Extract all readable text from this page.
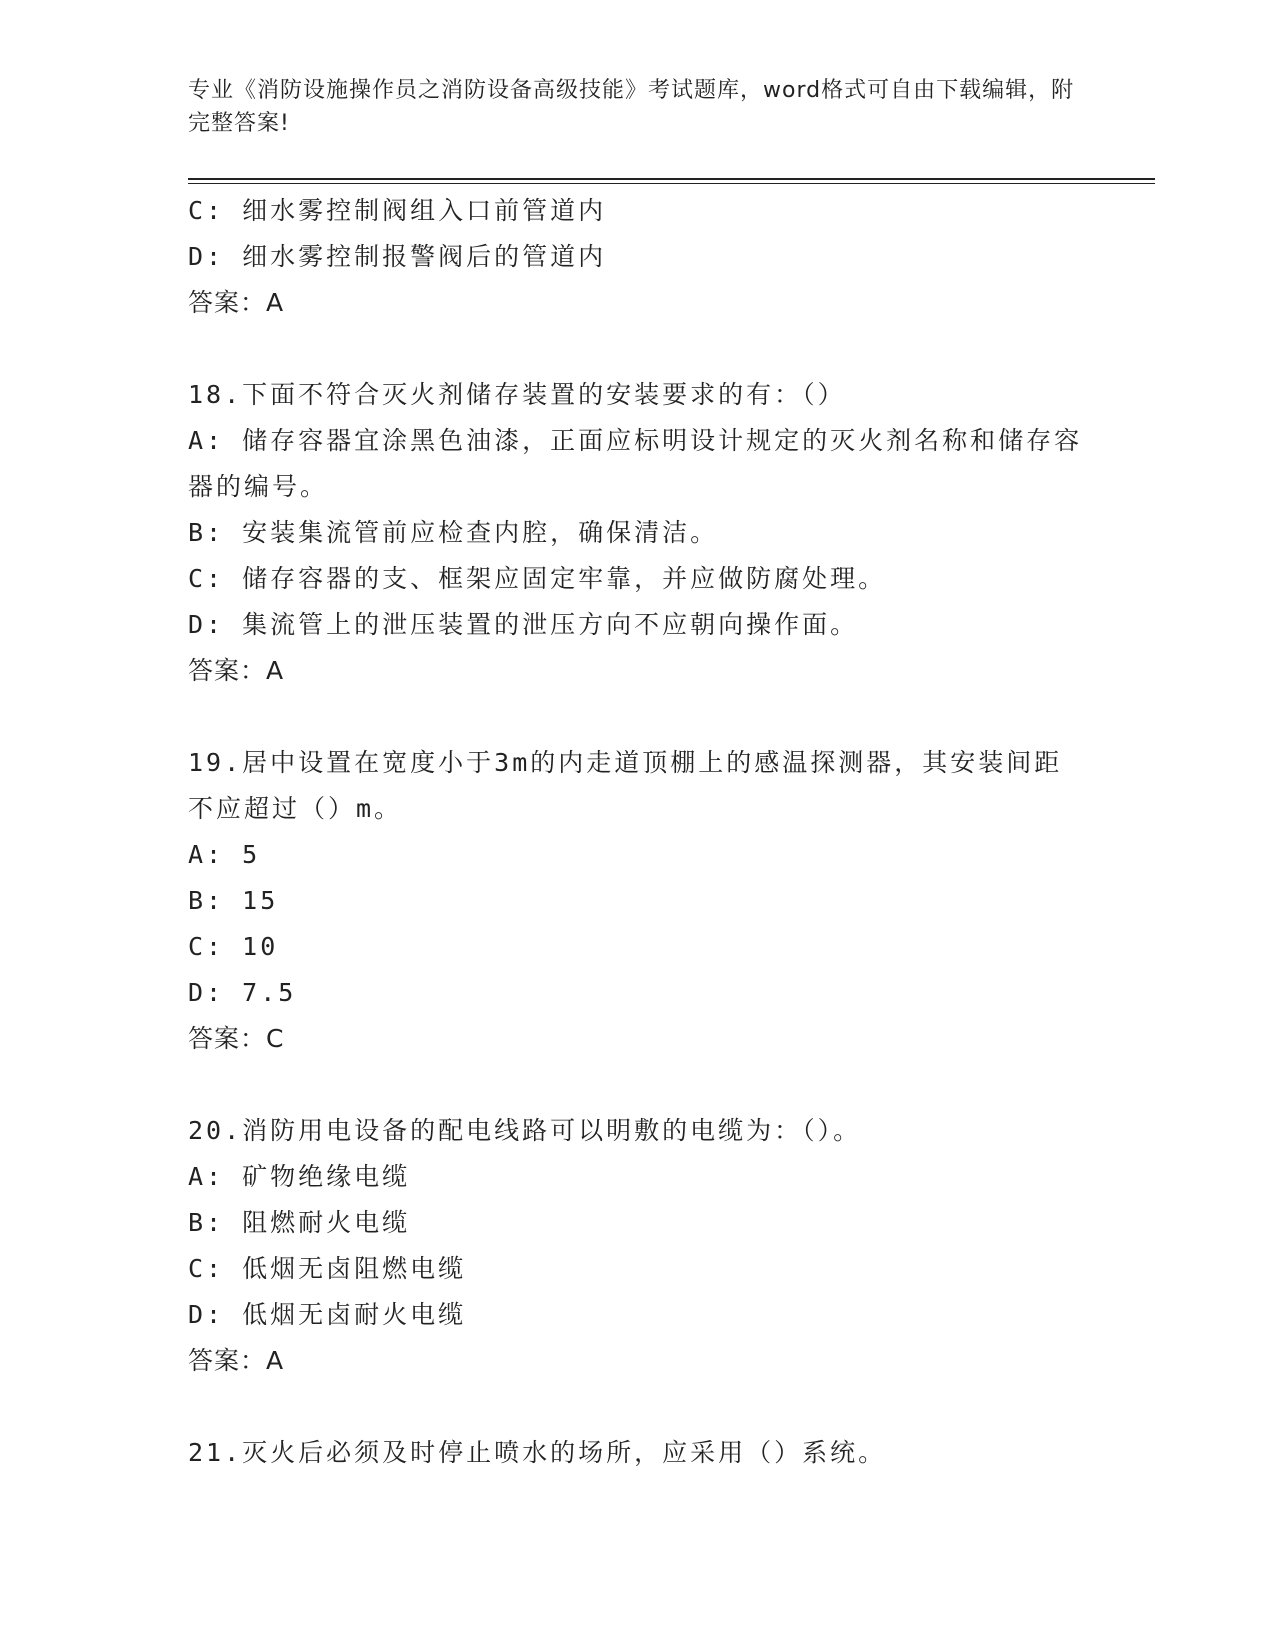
专业《消防设施操作员之消防设备高级技能》考试题库，word格式可自由下载编辑，附完整答案!
C: 细水雾控制阀组入口前管道内
D: 细水雾控制报警阀后的管道内
答案：A
18.下面不符合灭火剂储存装置的安装要求的有：（）
A: 储存容器宜涂黑色油漆，正面应标明设计规定的灭火剂名称和储存容器的编号。
B: 安装集流管前应检查内腔，确保清洁。
C: 储存容器的支、框架应固定牢靠，并应做防腐处理。
D: 集流管上的泄压装置的泄压方向不应朝向操作面。
答案：A
19.居中设置在宽度小于3m的内走道顶棚上的感温探测器，其安装间距不应超过（）m。
A: 5
B: 15
C: 10
D: 7.5
答案：C
20.消防用电设备的配电线路可以明敷的电缆为：（）。
A: 矿物绝缘电缆
B: 阻燃耐火电缆
C: 低烟无卤阻燃电缆
D: 低烟无卤耐火电缆
答案：A
21.灭火后必须及时停止喷水的场所，应采用（）系统。
